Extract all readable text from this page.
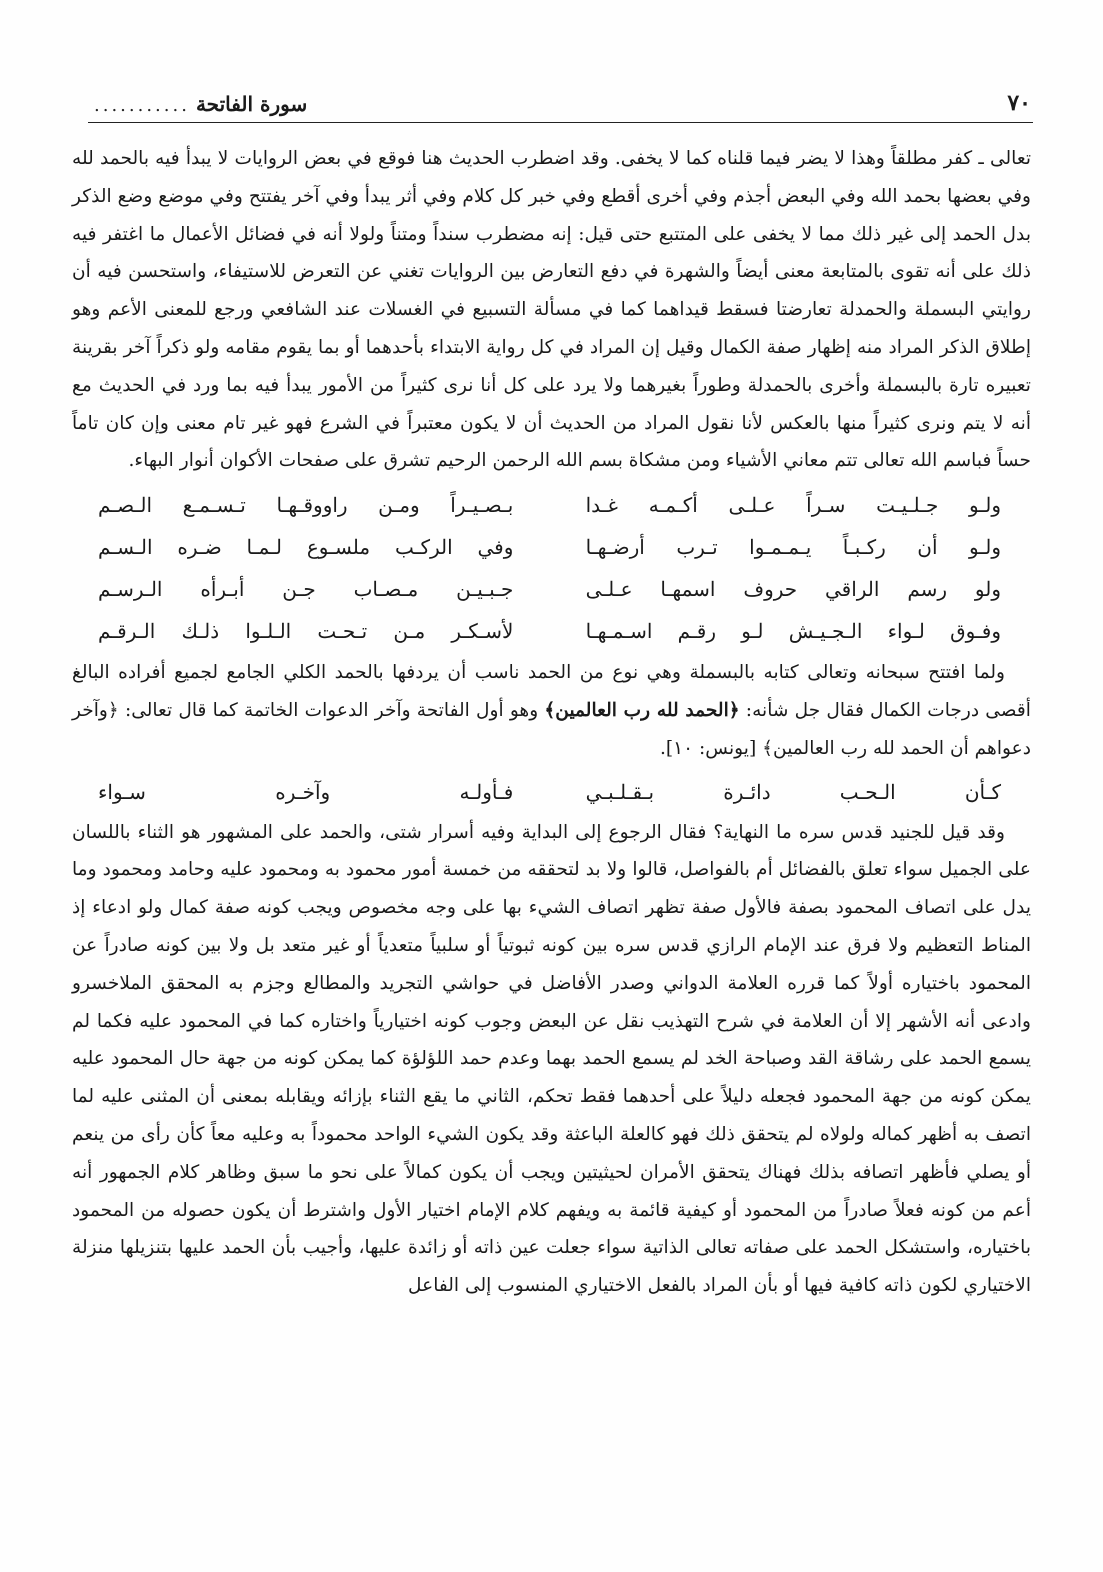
٧٠
سورة الفاتحة
...........

تعالى ـ كفر مطلقاً وهذا لا يضر فيما قلناه كما لا يخفى. وقد اضطرب الحديث هنا فوقع في بعض الروايات لا يبدأ فيه بالحمد لله وفي بعضها بحمد الله وفي البعض أجذم وفي أخرى أقطع وفي خبر كل كلام وفي أثر يبدأ وفي آخر يفتتح وفي موضع وضع الذكر بدل الحمد إلى غير ذلك مما لا يخفى على المتتبع حتى قيل: إنه مضطرب سنداً ومتناً ولولا أنه في فضائل الأعمال ما اغتفر فيه ذلك على أنه تقوى بالمتابعة معنى أيضاً والشهرة في دفع التعارض بين الروايات تغني عن التعرض للاستيفاء، واستحسن فيه أن روايتي البسملة والحمدلة تعارضتا فسقط قيداهما كما في مسألة التسبيع في الغسلات عند الشافعي ورجع للمعنى الأعم وهو إطلاق الذكر المراد منه إظهار صفة الكمال وقيل إن المراد في كل رواية الابتداء بأحدهما أو بما يقوم مقامه ولو ذكراً آخر بقرينة تعبيره تارة بالبسملة وأخرى بالحمدلة وطوراً بغيرهما ولا يرد على كل أنا نرى كثيراً من الأمور يبدأ فيه بما ورد في الحديث مع أنه لا يتم ونرى كثيراً منها بالعكس لأنا نقول المراد من الحديث أن لا يكون معتبراً في الشرع فهو غير تام معنى وإن كان تاماً حساً فباسم الله تعالى تتم معاني الأشياء ومن مشكاة بسم الله الرحمن الرحيم تشرق على صفحات الأكوان أنوار البهاء.

ولـو جـلـيـت سـراً عـلـى أكـمـه غـدا
بـصـيـراً ومـن راووقـهـا تـسـمـع الـصـم
ولـو أن ركـبـاً يـمـمـوا تـرب أرضـهـا
وفي الركـب ملسـوع لـمـا ضـره الـسـم
ولو رسم الراقي حروف اسمهـا عـلـى
جـبـيـن مـصـاب جـن أبـرأه الـرسـم
وفـوق لـواء الـجـيـش لـو رقـم اسـمـهـا
لأسـكـر مـن تـحـت الـلـوا ذلـك الـرقـم

ولما افتتح سبحانه وتعالى كتابه بالبسملة وهي نوع من الحمد ناسب أن يردفها بالحمد الكلي الجامع لجميع أفراده البالغ أقصى درجات الكمال فقال جل شأنه: ﴿الحمد لله رب العالمين﴾ وهو أول الفاتحة وآخر الدعوات الخاتمة كما قال تعالى: ﴿وآخر دعواهم أن الحمد لله رب العالمين﴾ [يونس: ١٠].

كـأن الـحـب دائـرة بـقـلـبـي
فـأولـه وآخـره سـواء

وقد قيل للجنيد قدس سره ما النهاية؟ فقال الرجوع إلى البداية وفيه أسرار شتى، والحمد على المشهور هو الثناء باللسان على الجميل سواء تعلق بالفضائل أم بالفواصل، قالوا ولا بد لتحققه من خمسة أمور محمود به ومحمود عليه وحامد ومحمود وما يدل على اتصاف المحمود بصفة فالأول صفة تظهر اتصاف الشيء بها على وجه مخصوص ويجب كونه صفة كمال ولو ادعاء إذ المناط التعظيم ولا فرق عند الإمام الرازي قدس سره بين كونه ثبوتياً أو سلبياً متعدياً أو غير متعد بل ولا بين كونه صادراً عن المحمود باختياره أولاً كما قرره العلامة الدواني وصدر الأفاضل في حواشي التجريد والمطالع وجزم به المحقق الملاخسرو وادعى أنه الأشهر إلا أن العلامة في شرح التهذيب نقل عن البعض وجوب كونه اختيارياً واختاره كما في المحمود عليه فكما لم يسمع الحمد على رشاقة القد وصباحة الخد لم يسمع الحمد بهما وعدم حمد اللؤلؤة كما يمكن كونه من جهة حال المحمود عليه يمكن كونه من جهة المحمود فجعله دليلاً على أحدهما فقط تحكم، الثاني ما يقع الثناء بإزائه ويقابله بمعنى أن المثنى عليه لما اتصف به أظهر كماله ولولاه لم يتحقق ذلك فهو كالعلة الباعثة وقد يكون الشيء الواحد محموداً به وعليه معاً كأن رأى من ينعم أو يصلي فأظهر اتصافه بذلك فهناك يتحقق الأمران لحيثيتين ويجب أن يكون كمالاً على نحو ما سبق وظاهر كلام الجمهور أنه أعم من كونه فعلاً صادراً من المحمود أو كيفية قائمة به ويفهم كلام الإمام اختيار الأول واشترط أن يكون حصوله من المحمود باختياره، واستشكل الحمد على صفاته تعالى الذاتية سواء جعلت عين ذاته أو زائدة عليها، وأجيب بأن الحمد عليها بتنزيلها منزلة الاختياري لكون ذاته كافية فيها أو بأن المراد بالفعل الاختياري المنسوب إلى الفاعل
